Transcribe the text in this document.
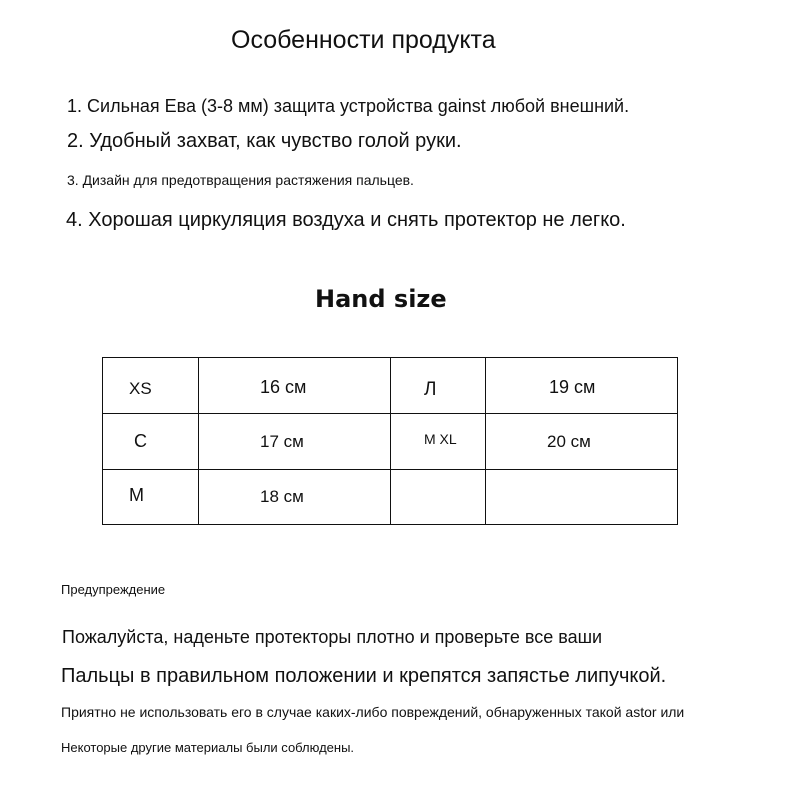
Особенности продукта

1. Сильная Ева (3-8 мм) защита устройства gainst любой внешний.

2. Удобный захват, как чувство голой руки.

3. Дизайн для предотвращения растяжения пальцев.

4. Хорошая циркуляция воздуха и снять протектор не легко.

Hand size
XS	16 см	Л	19 см
С	17 см	M XL	20 см
M	18 см

Предупреждение

Пожалуйста, наденьте протекторы плотно и проверьте все ваши

Пальцы в правильном положении и крепятся запястье липучкой.

Приятно не использовать его в случае каких-либо повреждений, обнаруженных такой astor или

Некоторые другие материалы были соблюдены.
